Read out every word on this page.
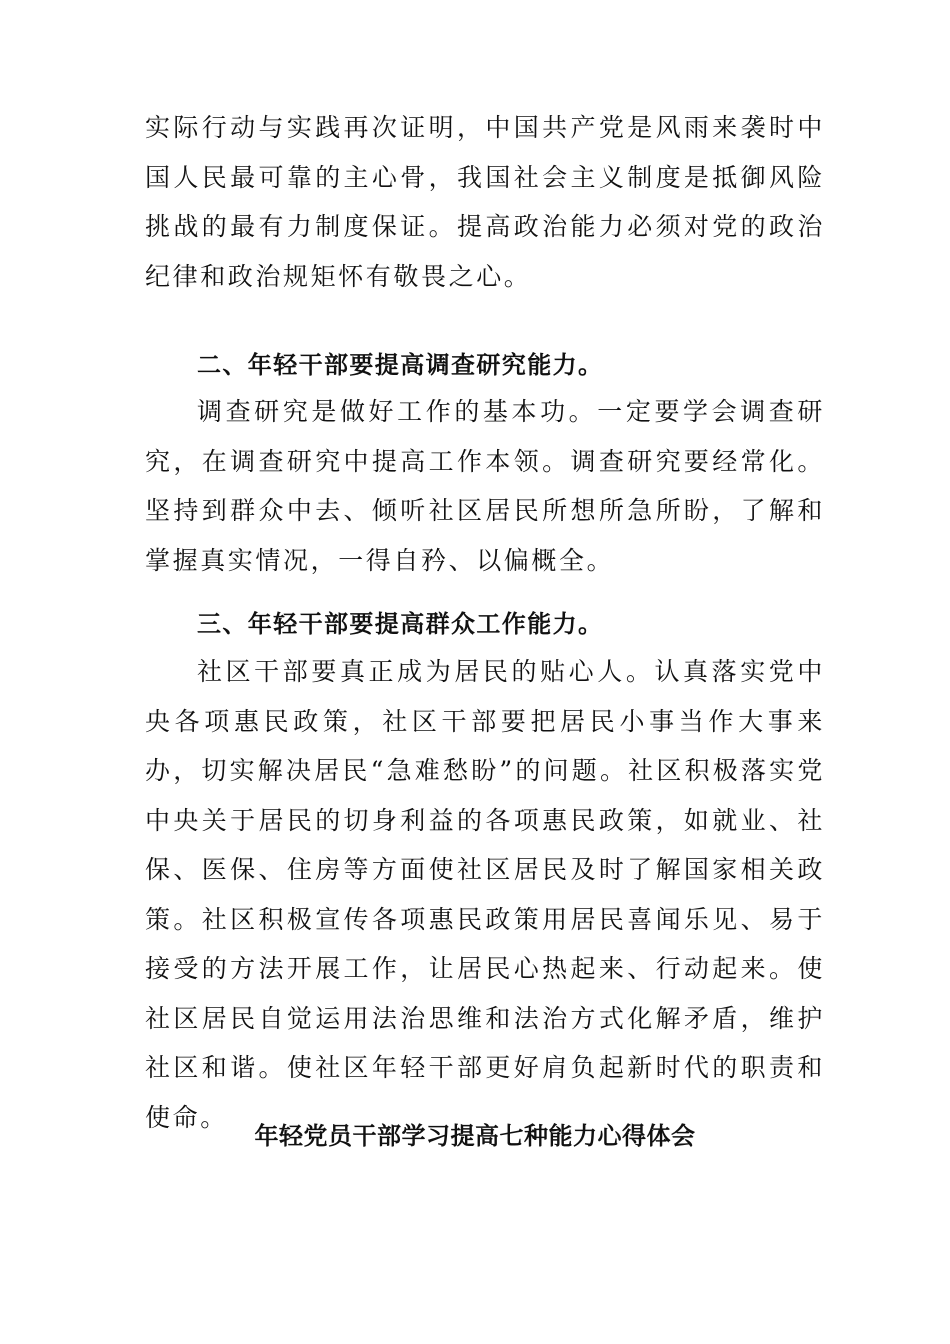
实际行动与实践再次证明，中国共产党是风雨来袭时中国人民最可靠的主心骨，我国社会主义制度是抵御风险挑战的最有力制度保证。提高政治能力必须对党的政治纪律和政治规矩怀有敬畏之心。

二、年轻干部要提高调查研究能力。

调查研究是做好工作的基本功。一定要学会调查研究，在调查研究中提高工作本领。调查研究要经常化。坚持到群众中去、倾听社区居民所想所急所盼，了解和掌握真实情况，一得自矜、以偏概全。

三、年轻干部要提高群众工作能力。

社区干部要真正成为居民的贴心人。认真落实党中央各项惠民政策，社区干部要把居民小事当作大事来办，切实解决居民“急难愁盼”的问题。社区积极落实党中央关于居民的切身利益的各项惠民政策，如就业、社保、医保、住房等方面使社区居民及时了解国家相关政策。社区积极宣传各项惠民政策用居民喜闻乐见、易于接受的方法开展工作，让居民心热起来、行动起来。使社区居民自觉运用法治思维和法治方式化解矛盾，维护社区和谐。使社区年轻干部更好肩负起新时代的职责和使命。

年轻党员干部学习提高七种能力心得体会
